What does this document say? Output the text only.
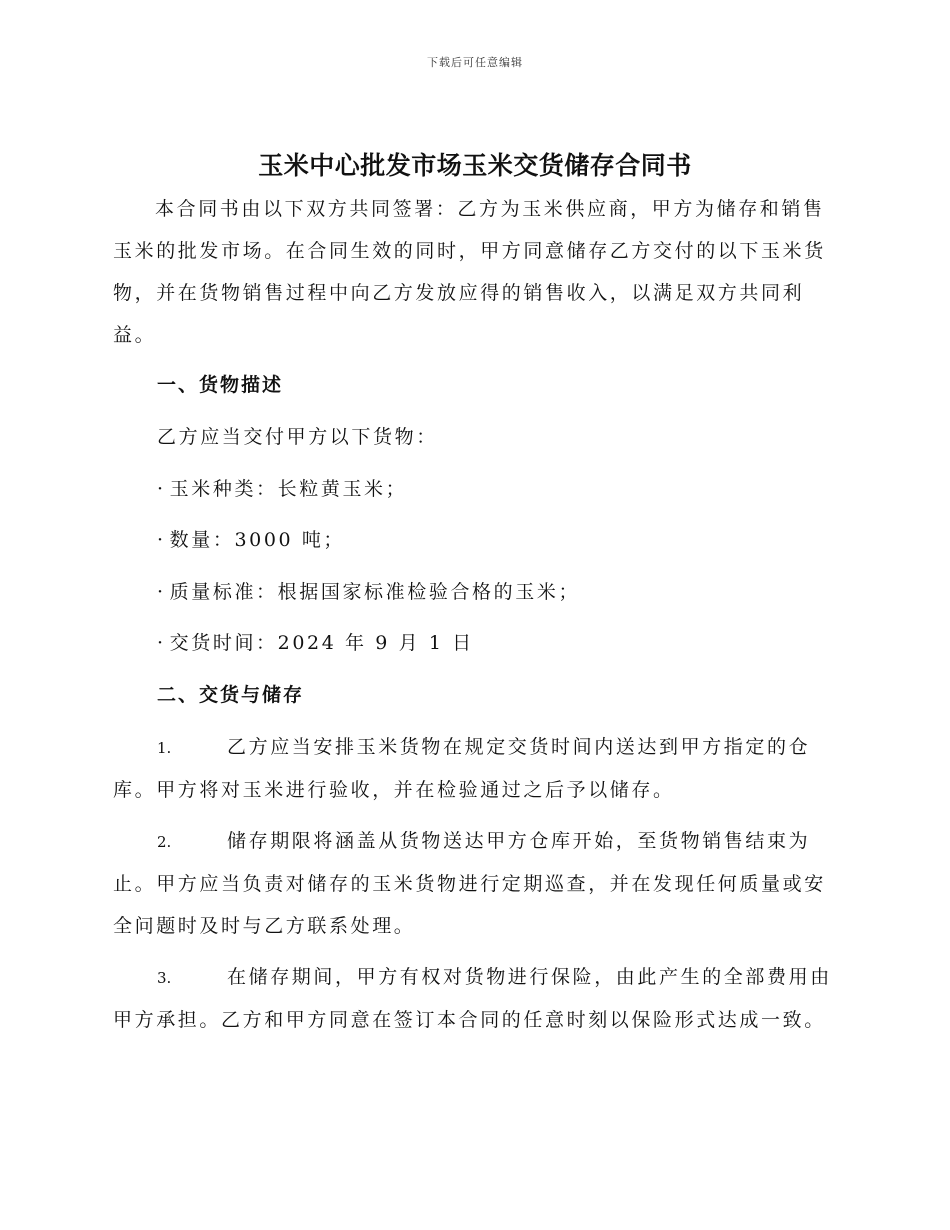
下载后可任意编辑
玉米中心批发市场玉米交货储存合同书
本合同书由以下双方共同签署：乙方为玉米供应商，甲方为储存和销售玉米的批发市场。在合同生效的同时，甲方同意储存乙方交付的以下玉米货物，并在货物销售过程中向乙方发放应得的销售收入，以满足双方共同利益。
一、货物描述
乙方应当交付甲方以下货物：
· 玉米种类：长粒黄玉米；
· 数量：3000 吨；
· 质量标准：根据国家标准检验合格的玉米；
· 交货时间：2024 年 9 月 1 日
二、交货与储存
1.	乙方应当安排玉米货物在规定交货时间内送达到甲方指定的仓库。甲方将对玉米进行验收，并在检验通过之后予以储存。
2.	储存期限将涵盖从货物送达甲方仓库开始，至货物销售结束为止。甲方应当负责对储存的玉米货物进行定期巡查，并在发现任何质量或安全问题时及时与乙方联系处理。
3.	在储存期间，甲方有权对货物进行保险，由此产生的全部费用由甲方承担。乙方和甲方同意在签订本合同的任意时刻以保险形式达成一致。
